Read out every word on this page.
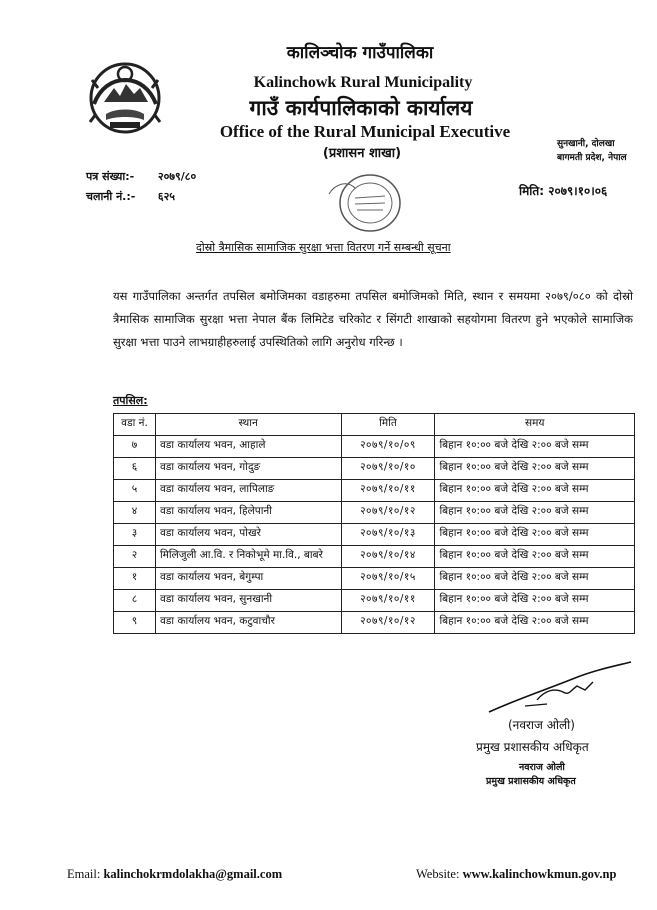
कालिञ्चोक गाउँपालिका
Kalinchowk Rural Municipality
गाउँ कार्यपालिकाको कार्यालय
Office of the Rural Municipal Executive
(प्रशासन शाखा)
सुनखानी, दोलखा
बागमती प्रदेश, नेपाल
पत्र संख्या:- २०७९/८०
चलानी नं.:- ६२५	मिति: २०७९।१०।०६
दोस्रो त्रैमासिक सामाजिक सुरक्षा भत्ता वितरण गर्ने सम्बन्धी सूचना
यस गाउँपालिका अन्तर्गत तपसिल बमोजिमका वडाहरुमा तपसिल बमोजिमको मिति, स्थान र समयमा २०७९/०८० को दोस्रो त्रैमासिक सामाजिक सुरक्षा भत्ता नेपाल बैंक लिमिटेड चरिकोट र सिंगटी शाखाको सहयोगमा वितरण हुने भएकोले सामाजिक सुरक्षा भत्ता पाउने लाभग्राहीहरुलाई उपस्थितिको लागि अनुरोध गरिन्छ ।
तपसिल:
वडा नं.	स्थान	मिति	समय
७	वडा कार्यालय भवन, आहाले	२०७९/१०/०९	बिहान १०:०० बजे देखि २:०० बजे सम्म
६	वडा कार्यालय भवन, गोदुङ	२०७९/१०/१०	बिहान १०:०० बजे देखि २:०० बजे सम्म
५	वडा कार्यालय भवन, लापिलाङ	२०७९/१०/११	बिहान १०:०० बजे देखि २:०० बजे सम्म
४	वडा कार्यालय भवन, हिलेपानी	२०७९/१०/१२	बिहान १०:०० बजे देखि २:०० बजे सम्म
३	वडा कार्यालय भवन, पोखरे	२०७९/१०/१३	बिहान १०:०० बजे देखि २:०० बजे सम्म
२	मिलिजुली आ.वि. र निकोभूमे मा.वि., बाबरे	२०७९/१०/१४	बिहान १०:०० बजे देखि २:०० बजे सम्म
१	वडा कार्यालय भवन, बेगुम्पा	२०७९/१०/१५	बिहान १०:०० बजे देखि २:०० बजे सम्म
८	वडा कार्यालय भवन, सुनखानी	२०७९/१०/११	बिहान १०:०० बजे देखि २:०० बजे सम्म
९	वडा कार्यालय भवन, कटुवाचौर	२०७९/१०/१२	बिहान १०:०० बजे देखि २:०० बजे सम्म
(नवराज ओली)
प्रमुख प्रशासकीय अधिकृत
नवराज ओली
प्रमुख प्रशासकीय अधिकृत
Email: kalinchokrmdolakha@gmail.com	Website: www.kalinchowkmun.gov.np
